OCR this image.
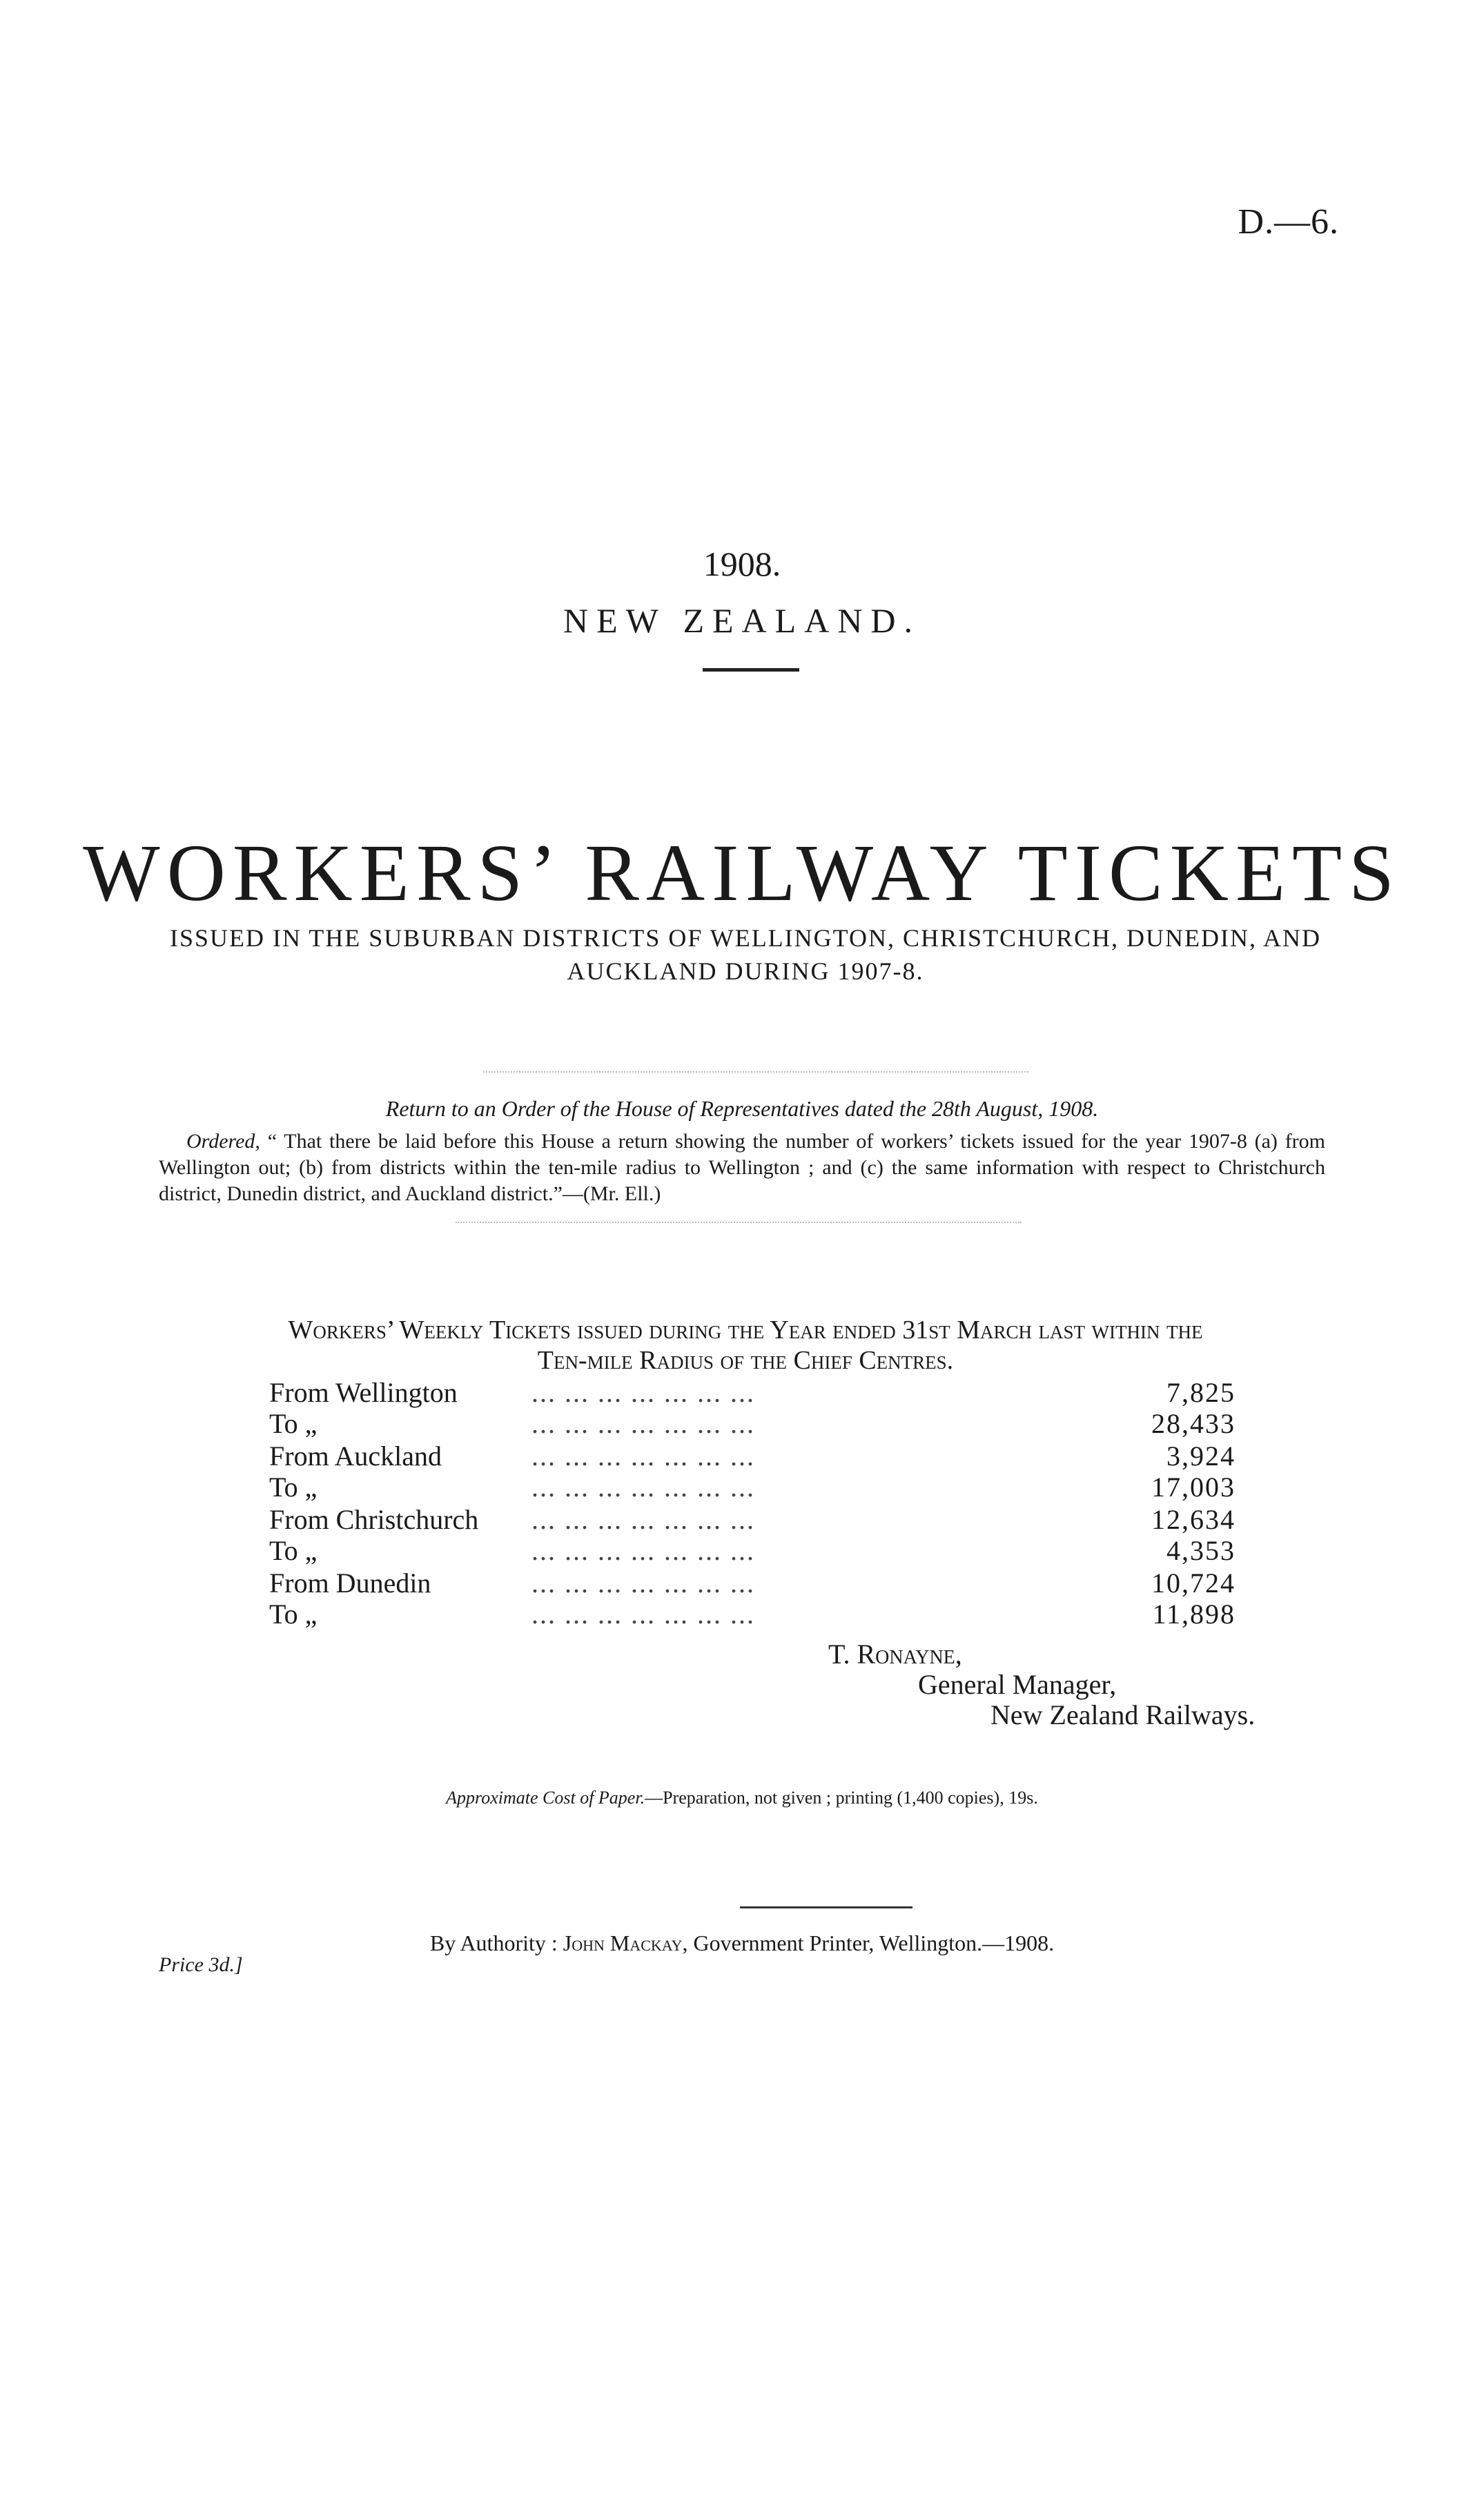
D.—6.
1908.
NEW ZEALAND.
WORKERS’ RAILWAY TICKETS
ISSUED IN THE SUBURBAN DISTRICTS OF WELLINGTON, CHRISTCHURCH, DUNEDIN, AND AUCKLAND DURING 1907-8.
Return to an Order of the House of Representatives dated the 28th August, 1908.
Ordered, “ That there be laid before this House a return showing the number of workers’ tickets issued for the year 1907-8 (a) from Wellington out; (b) from districts within the ten-mile radius to Wellington ; and (c) the same information with respect to Christchurch district, Dunedin district, and Auckland district.”—(Mr. Ell.)
Workers’ Weekly Tickets issued during the Year ended 31st March last within the
Ten-mile Radius of the Chief Centres.
From Wellington	... ... ... ... ... ... ...	7,825
To „	... ... ... ... ... ... ...	28,433
From Auckland	... ... ... ... ... ... ...	3,924
To „	... ... ... ... ... ... ...	17,003
From Christchurch ... ... ... ... ... ... ...	12,634
To „	... ... ... ... ... ... ...	4,353
From Dunedin	... ... ... ... ... ... ...	10,724
To „	... ... ... ... ... ... ...	11,898
T. Ronayne,
General Manager,
New Zealand Railways.
Approximate Cost of Paper.—Preparation, not given ; printing (1,400 copies), 19s.
By Authority : John Mackay, Government Printer, Wellington.—1908.
Price 3d.]
